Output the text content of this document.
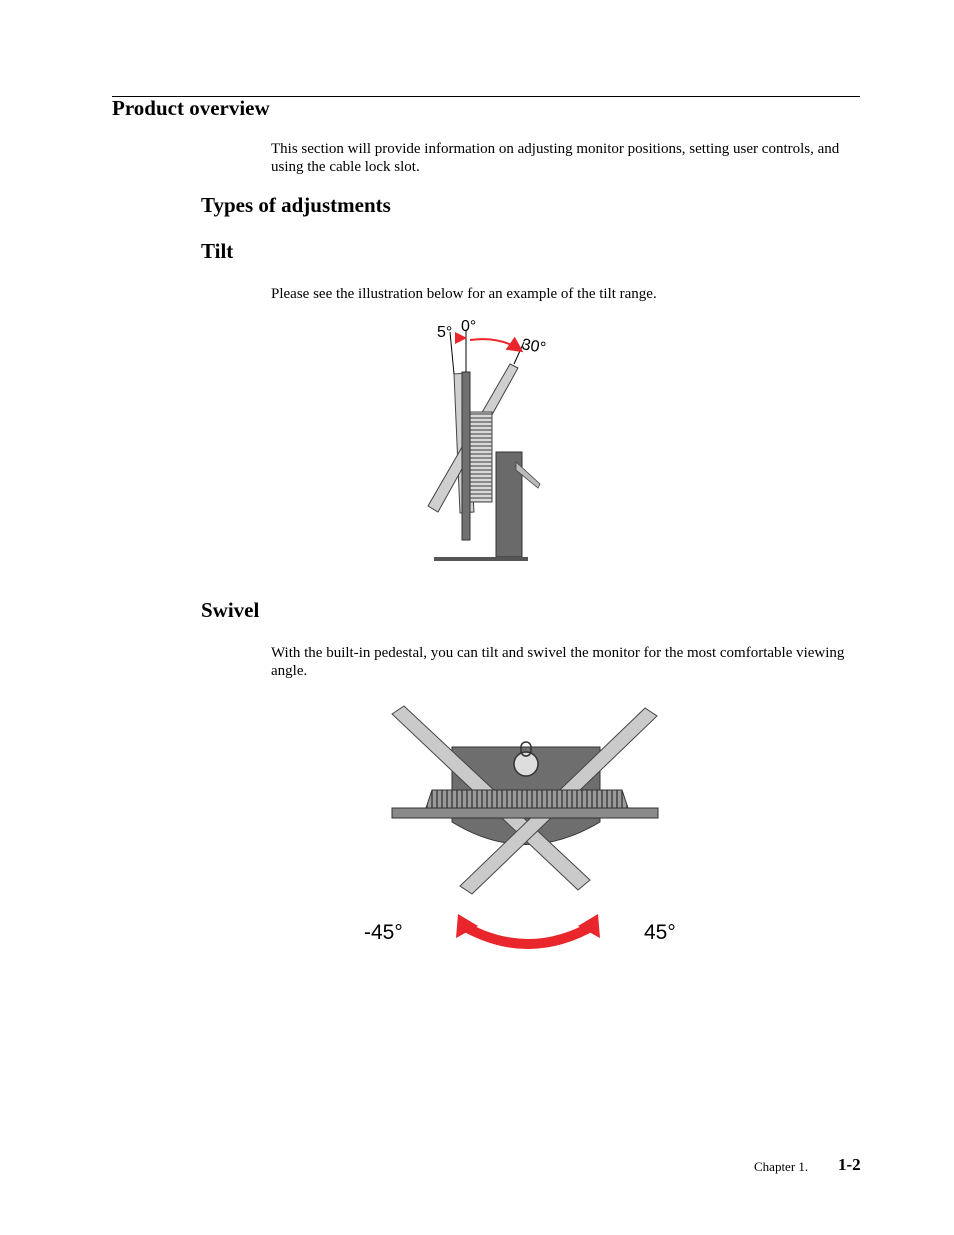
Product overview
This section will provide information on adjusting monitor positions, setting user controls, and using the cable lock slot.
Types of adjustments
Tilt
Please see the illustration below for an example of the tilt range.
5° 0°
30°
Swivel
With the built-in pedestal, you can tilt and swivel the monitor for the most comfortable viewing angle.
-45°	45°
Chapter 1. 1-2
